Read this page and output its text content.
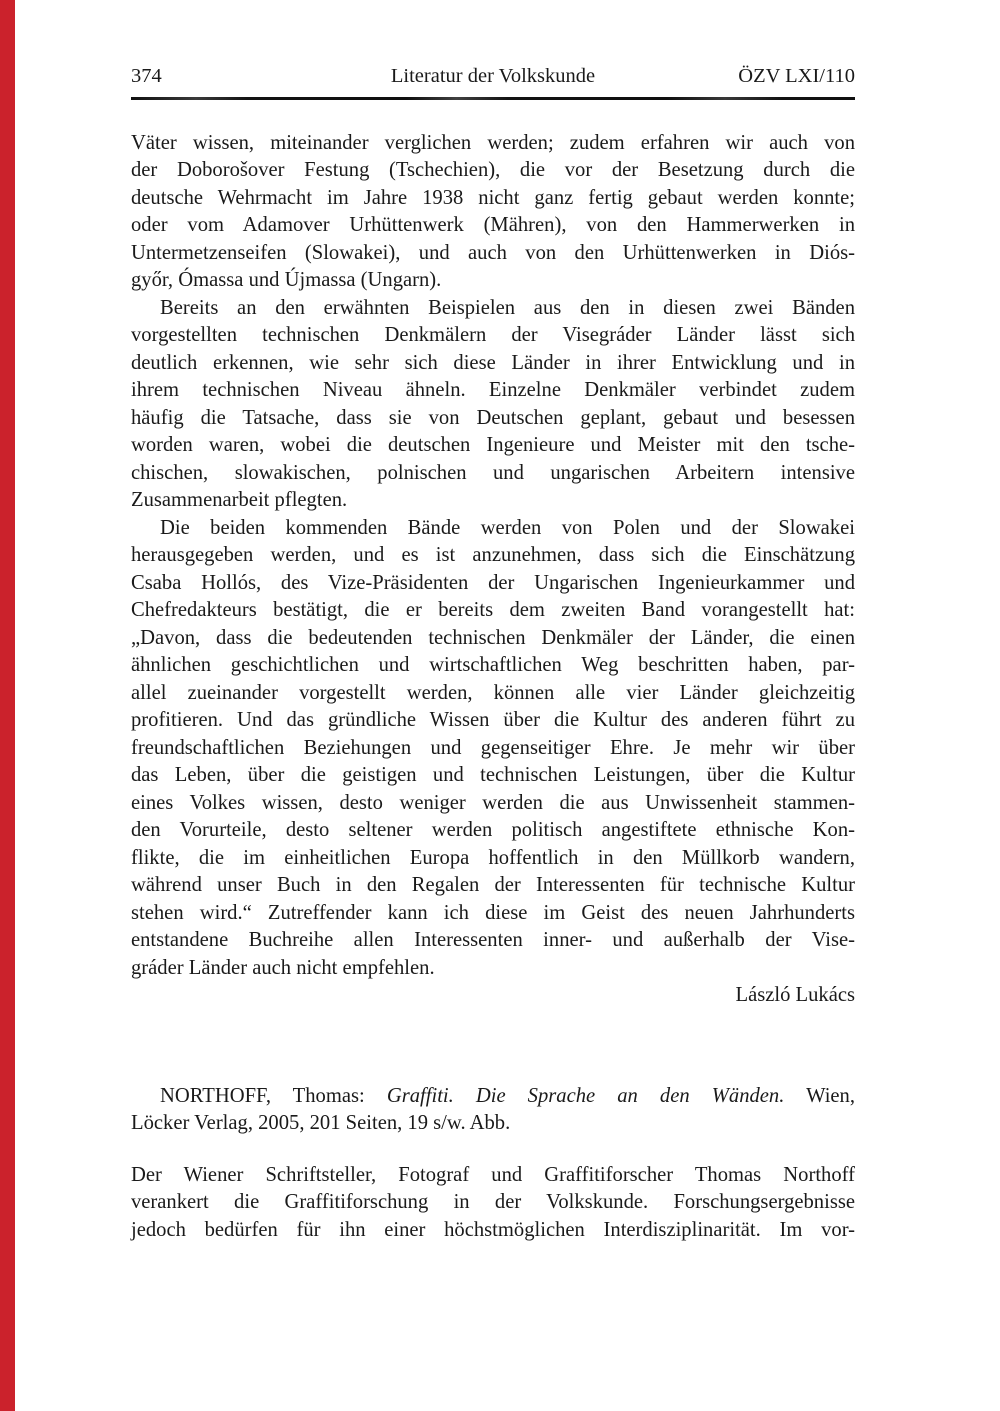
374	Literatur der Volkskunde	ÖZV LXI/110
Väter wissen, miteinander verglichen werden; zudem erfahren wir auch von
der Doborošover Festung (Tschechien), die vor der Besetzung durch die
deutsche Wehrmacht im Jahre 1938 nicht ganz fertig gebaut werden konnte;
oder vom Adamover Urhüttenwerk (Mähren), von den Hammerwerken in
Untermetzenseifen (Slowakei), und auch von den Urhüttenwerken in Diós-
győr, Ómassa und Újmassa (Ungarn).
Bereits an den erwähnten Beispielen aus den in diesen zwei Bänden
vorgestellten technischen Denkmälern der Visegráder Länder lässt sich
deutlich erkennen, wie sehr sich diese Länder in ihrer Entwicklung und in
ihrem technischen Niveau ähneln. Einzelne Denkmäler verbindet zudem
häufig die Tatsache, dass sie von Deutschen geplant, gebaut und besessen
worden waren, wobei die deutschen Ingenieure und Meister mit den tsche-
chischen, slowakischen, polnischen und ungarischen Arbeitern intensive
Zusammenarbeit pflegten.
Die beiden kommenden Bände werden von Polen und der Slowakei
herausgegeben werden, und es ist anzunehmen, dass sich die Einschätzung
Csaba Hollós, des Vize-Präsidenten der Ungarischen Ingenieurkammer und
Chefredakteurs bestätigt, die er bereits dem zweiten Band vorangestellt hat:
„Davon, dass die bedeutenden technischen Denkmäler der Länder, die einen
ähnlichen geschichtlichen und wirtschaftlichen Weg beschritten haben, par-
allel zueinander vorgestellt werden, können alle vier Länder gleichzeitig
profitieren. Und das gründliche Wissen über die Kultur des anderen führt zu
freundschaftlichen Beziehungen und gegenseitiger Ehre. Je mehr wir über
das Leben, über die geistigen und technischen Leistungen, über die Kultur
eines Volkes wissen, desto weniger werden die aus Unwissenheit stammen-
den Vorurteile, desto seltener werden politisch angestiftete ethnische Kon-
flikte, die im einheitlichen Europa hoffentlich in den Müllkorb wandern,
während unser Buch in den Regalen der Interessenten für technische Kultur
stehen wird.“ Zutreffender kann ich diese im Geist des neuen Jahrhunderts
entstandene Buchreihe allen Interessenten inner- und außerhalb der Vise-
gráder Länder auch nicht empfehlen.
László Lukács
NORTHOFF, Thomas: Graffiti. Die Sprache an den Wänden. Wien,
Löcker Verlag, 2005, 201 Seiten, 19 s/w. Abb.
Der Wiener Schriftsteller, Fotograf und Graffitiforscher Thomas Northoff
verankert die Graffitiforschung in der Volkskunde. Forschungsergebnisse
jedoch bedürfen für ihn einer höchstmöglichen Interdisziplinarität. Im vor-
